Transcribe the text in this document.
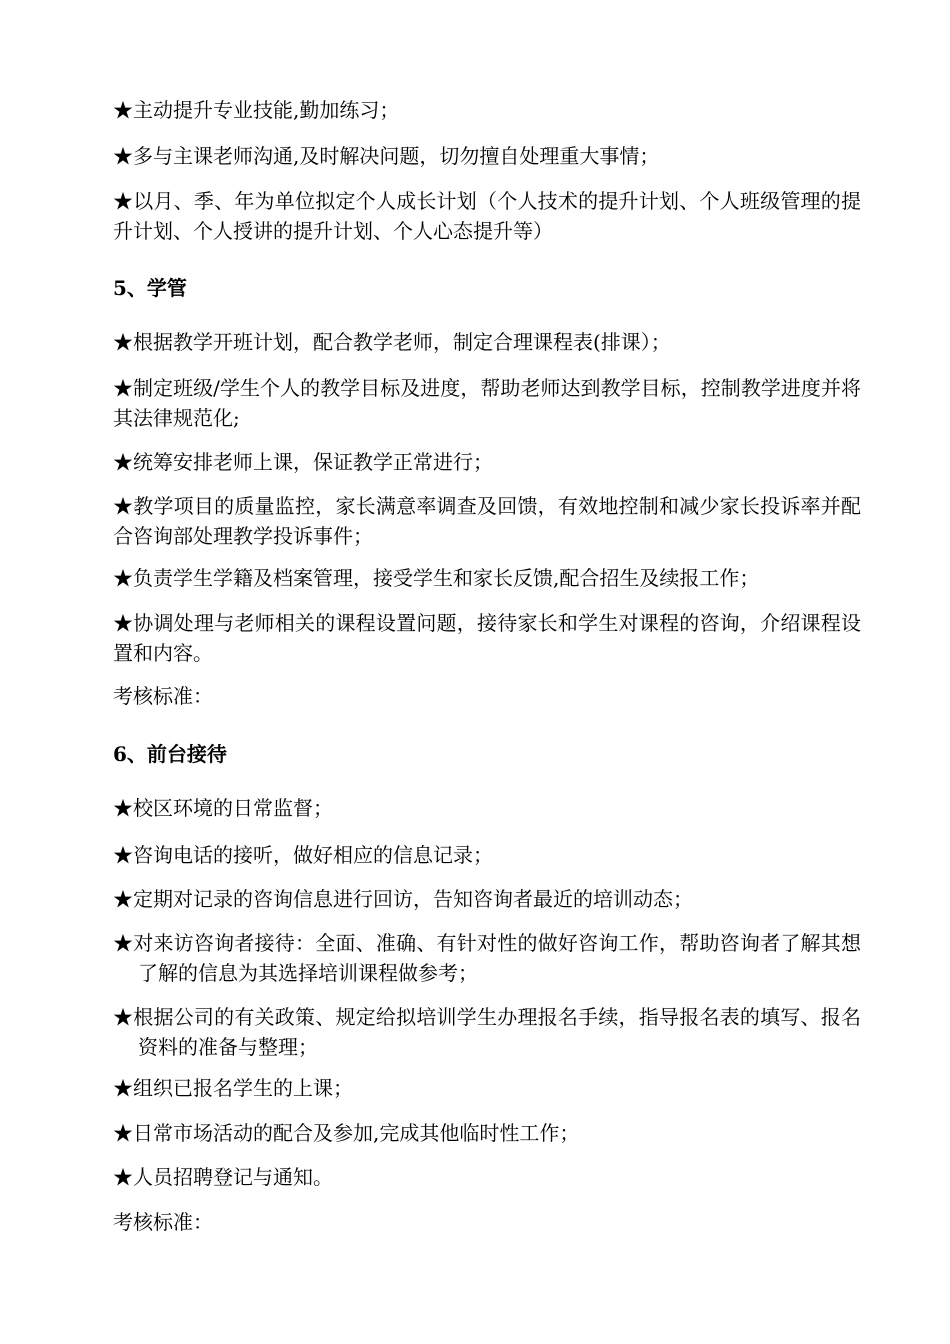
★主动提升专业技能,勤加练习；
★多与主课老师沟通,及时解决问题，切勿擅自处理重大事情；
★以月、季、年为单位拟定个人成长计划（个人技术的提升计划、个人班级管理的提升计划、个人授讲的提升计划、个人心态提升等）
5、学管
★根据教学开班计划，配合教学老师，制定合理课程表(排课）；
★制定班级/学生个人的教学目标及进度，帮助老师达到教学目标，控制教学进度并将其法律规范化;
★统筹安排老师上课，保证教学正常进行；
★教学项目的质量监控，家长满意率调查及回馈，有效地控制和减少家长投诉率并配合咨询部处理教学投诉事件；
★负责学生学籍及档案管理，接受学生和家长反馈,配合招生及续报工作；
★协调处理与老师相关的课程设置问题，接待家长和学生对课程的咨询，介绍课程设置和内容。
考核标准：
6、前台接待
★校区环境的日常监督；
★咨询电话的接听，做好相应的信息记录；
★定期对记录的咨询信息进行回访，告知咨询者最近的培训动态；
★对来访咨询者接待：全面、准确、有针对性的做好咨询工作，帮助咨询者了解其想了解的信息为其选择培训课程做参考；
★根据公司的有关政策、规定给拟培训学生办理报名手续，指导报名表的填写、报名资料的准备与整理；
★组织已报名学生的上课；
★日常市场活动的配合及参加,完成其他临时性工作；
★人员招聘登记与通知。
考核标准：
